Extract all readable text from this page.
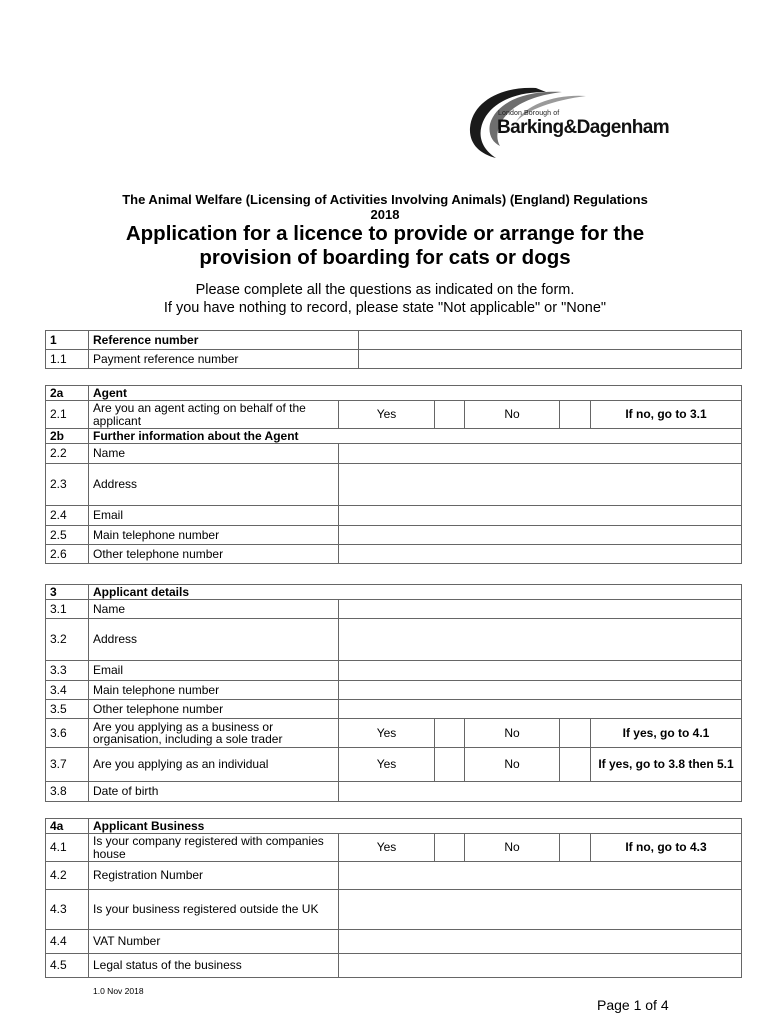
London Borough of
Barking&Dagenham
The Animal Welfare (Licensing of Activities Involving Animals) (England) Regulations
2018
Application for a licence to provide or arrange for the
provision of boarding for cats or dogs
Please complete all the questions as indicated on the form.
If you have nothing to record, please state "Not applicable" or "None"
1	Reference number	
1.1	Payment reference number	
2a	Agent					
2.1	Are you an agent acting on behalf of the applicant	Yes		No		If no, go to 3.1
2b	Further information about the Agent					
2.2	Name					
2.3	Address					
2.4	Email					
2.5	Main telephone number					
2.6	Other telephone number					
3	Applicant details					
3.1	Name					
3.2	Address					
3.3	Email					
3.4	Main telephone number					
3.5	Other telephone number					
3.6	Are you applying as a business or organisation, including a sole trader	Yes		No		If yes, go to 4.1
3.7	Are you applying as an individual	Yes		No		If yes, go to 3.8 then 5.1
3.8	Date of birth					
4a	Applicant Business					
4.1	Is your company registered with companies house	Yes		No		If no, go to 4.3
4.2	Registration Number					
4.3	Is your business registered outside the UK					
4.4	VAT Number					
4.5	Legal status of the business					
1.0 Nov 2018
Page 1 of 4
